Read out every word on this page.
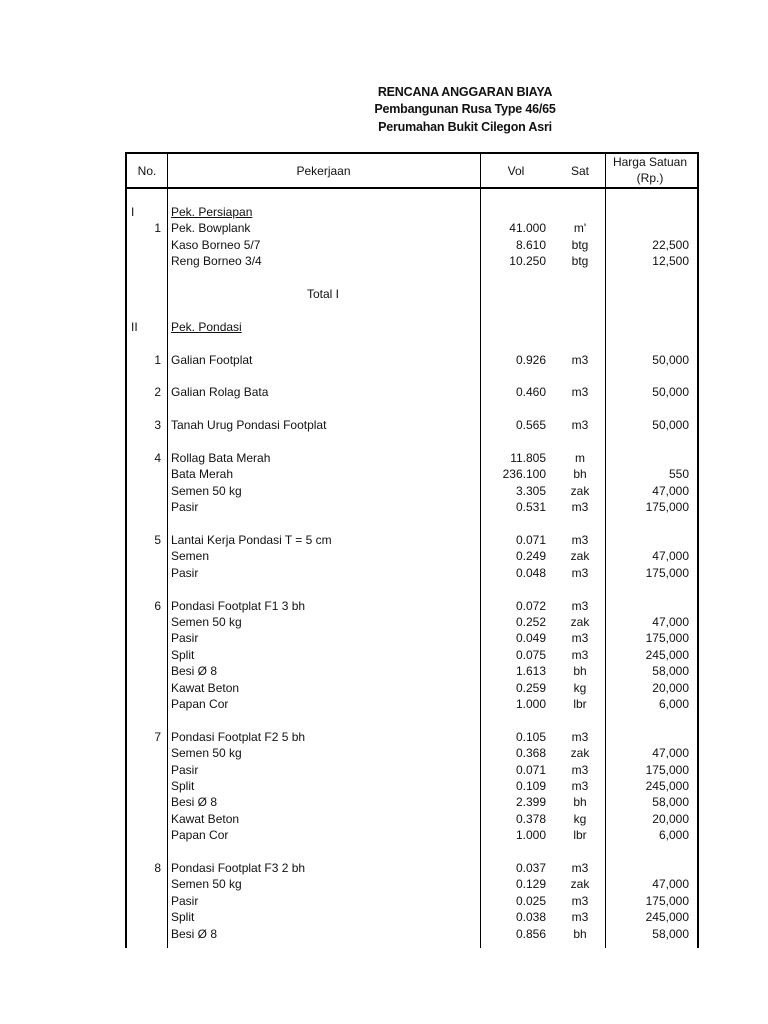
RENCANA ANGGARAN BIAYA
Pembangunan Rusa Type 46/65
Perumahan Bukit Cilegon Asri
No.	Pekerjaan	Vol	Sat
Harga Satuan
(Rp.)
I	Pek. Persiapan
1 Pek. Bowplank	41.000	m'
Kaso Borneo 5/7	8.610	btg	22,500
Reng Borneo 3/4	10.250	btg	12,500
Total I
II	Pek. Pondasi
1 Galian Footplat	0.926	m3	50,000
2 Galian Rolag Bata	0.460	m3	50,000
3 Tanah Urug Pondasi Footplat	0.565	m3	50,000
4 Rollag Bata Merah	11.805	m
Bata Merah	236.100	bh	550
Semen 50 kg	3.305	zak	47,000
Pasir	0.531	m3	175,000
5 Lantai Kerja Pondasi T = 5 cm	0.071	m3
Semen	0.249	zak	47,000
Pasir	0.048	m3	175,000
6 Pondasi Footplat F1 3 bh	0.072	m3
Semen 50 kg	0.252	zak	47,000
Pasir	0.049	m3	175,000
Split	0.075	m3	245,000
Besi Ø 8	1.613	bh	58,000
Kawat Beton	0.259	kg	20,000
Papan Cor	1.000	lbr	6,000
7 Pondasi Footplat F2 5 bh	0.105	m3
Semen 50 kg	0.368	zak	47,000
Pasir	0.071	m3	175,000
Split	0.109	m3	245,000
Besi Ø 8	2.399	bh	58,000
Kawat Beton	0.378	kg	20,000
Papan Cor	1.000	lbr	6,000
8 Pondasi Footplat F3 2 bh	0.037	m3
Semen 50 kg	0.129	zak	47,000
Pasir	0.025	m3	175,000
Split	0.038	m3	245,000
Besi Ø 8	0.856	bh	58,000
